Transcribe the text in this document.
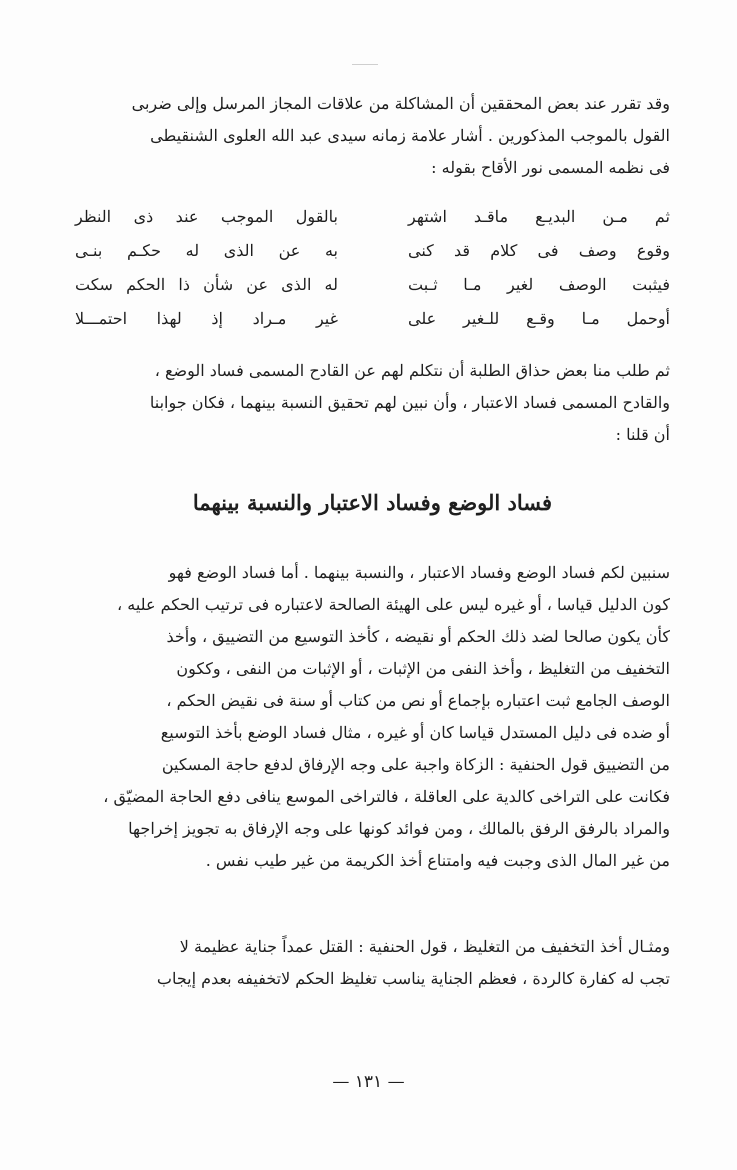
وقد تقرر عند بعض المحققين أن المشاكلة من علاقات المجاز المرسل وإلى ضربى
القول بالموجب المذكورين . أشار علامة زمانه سيدى عبد الله العلوى الشنقيطى
فى نظمه المسمى نور الأقاح بقوله :
ثم مـن البديـع ماقـد اشتهر
بالقول الموجب عند ذى النظر
وقوع وصف فى كلام قد كنى
به عن الذى له حكـم بنـى
فيثبت الوصف لغير مـا ثـبت
له الذى عن شأن ذا الحكم سكت
أوحمل مـا وقـع للـغير على
غير مـراد إذ لهذا احتمـــلا
ثم طلب منا بعض حذاق الطلبة أن نتكلم لهم عن القادح المسمى فساد الوضع ،
والقادح المسمى فساد الاعتبار ، وأن نبين لهم تحقيق النسبة بينهما ، فكان جوابنا
أن قلنا :
فساد الوضع وفساد الاعتبار والنسبة بينهما
سنبين لكم فساد الوضع وفساد الاعتبار ، والنسبة بينهما . أما فساد الوضع فهو
كون الدليل قياسا ، أو غيره ليس على الهيئة الصالحة لاعتباره فى ترتيب الحكم عليه ،
كأن يكون صالحا لضد ذلك الحكم أو نقيضه ، كأخذ التوسيع من التضييق ، وأخذ
التخفيف من التغليظ ، وأخذ النفى من الإثبات ، أو الإثبات من النفى ، وككون
الوصف الجامع ثبت اعتباره بإجماع أو نص من كتاب أو سنة فى نقيض الحكم ،
أو ضده فى دليل المستدل قياسا كان أو غيره ، مثال فساد الوضع بأخذ التوسيع
من التضييق قول الحنفية : الزكاة واجبة على وجه الإرفاق لدفع حاجة المسكين
فكانت على التراخى كالدية على العاقلة ، فالتراخى الموسع ينافى دفع الحاجة المضيّق ،
والمراد بالرفق الرفق بالمالك ، ومن فوائد كونها على وجه الإرفاق به تجويز إخراجها
من غير المال الذى وجبت فيه وامتناع أخذ الكريمة من غير طيب نفس .
ومثـال أخذ التخفيف من التغليظ ، قول الحنفية : القتل عمداً جناية عظيمة لا
تجب له كفارة كالردة ، فعظم الجناية يناسب تغليظ الحكم لاتخفيفه بعدم إيجاب
— ١٣١ —
